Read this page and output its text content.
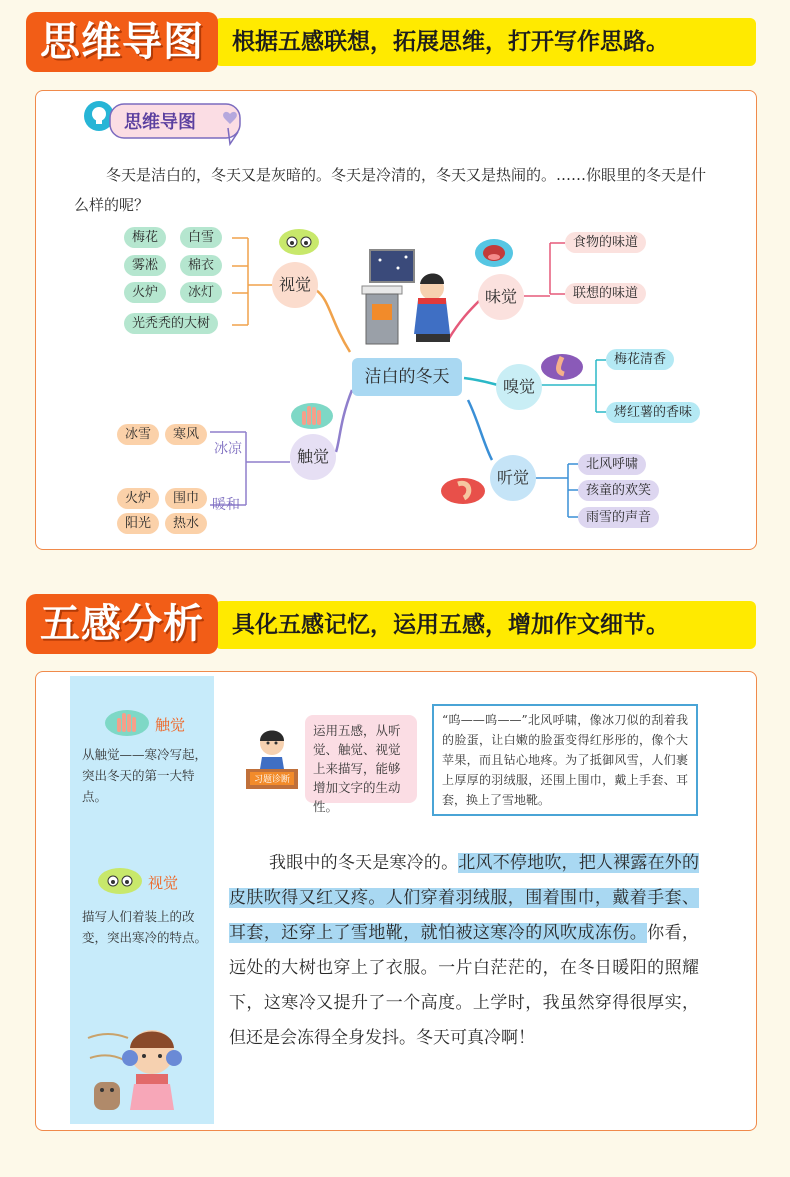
思维导图	根据五感联想，拓展思维，打开写作思路。
思维导图
冬天是洁白的，冬天又是灰暗的。冬天是冷清的，冬天又是热闹的。……你眼里的冬天是什么样的呢？
梅花	白雪
雾凇	棉衣
火炉	冰灯
光秃秃的大树
视觉
味觉
食物的味道
联想的味道
嗅觉
梅花清香
烤红薯的香味
听觉
北风呼啸
孩童的欢笑
雨雪的声音
触觉
冰凉
暖和
冰雪	寒风
火炉	围巾
阳光	热水
洁白的冬天
五感分析	具化五感记忆，运用五感，增加作文细节。
触觉
从触觉——寒冷写起，突出冬天的第一大特点。
视觉
描写人们着装上的改变，突出寒冷的特点。
习题诊断
运用五感，从听觉、触觉、视觉上来描写，能够增加文字的生动性。
“呜——呜——”北风呼啸，像冰刀似的刮着我的脸蛋，让白嫩的脸蛋变得红彤彤的，像个大苹果，而且钻心地疼。为了抵御风雪，人们裹上厚厚的羽绒服，还围上围巾，戴上手套、耳套，换上了雪地靴。
我眼中的冬天是寒冷的。北风不停地吹，把人裸露在外的皮肤吹得又红又疼。人们穿着羽绒服，围着围巾，戴着手套、耳套，还穿上了雪地靴，就怕被这寒冷的风吹成冻伤。你看，远处的大树也穿上了衣服。一片白茫茫的，在冬日暖阳的照耀下，这寒冷又提升了一个高度。上学时，我虽然穿得很厚实，但还是会冻得全身发抖。冬天可真冷啊！
